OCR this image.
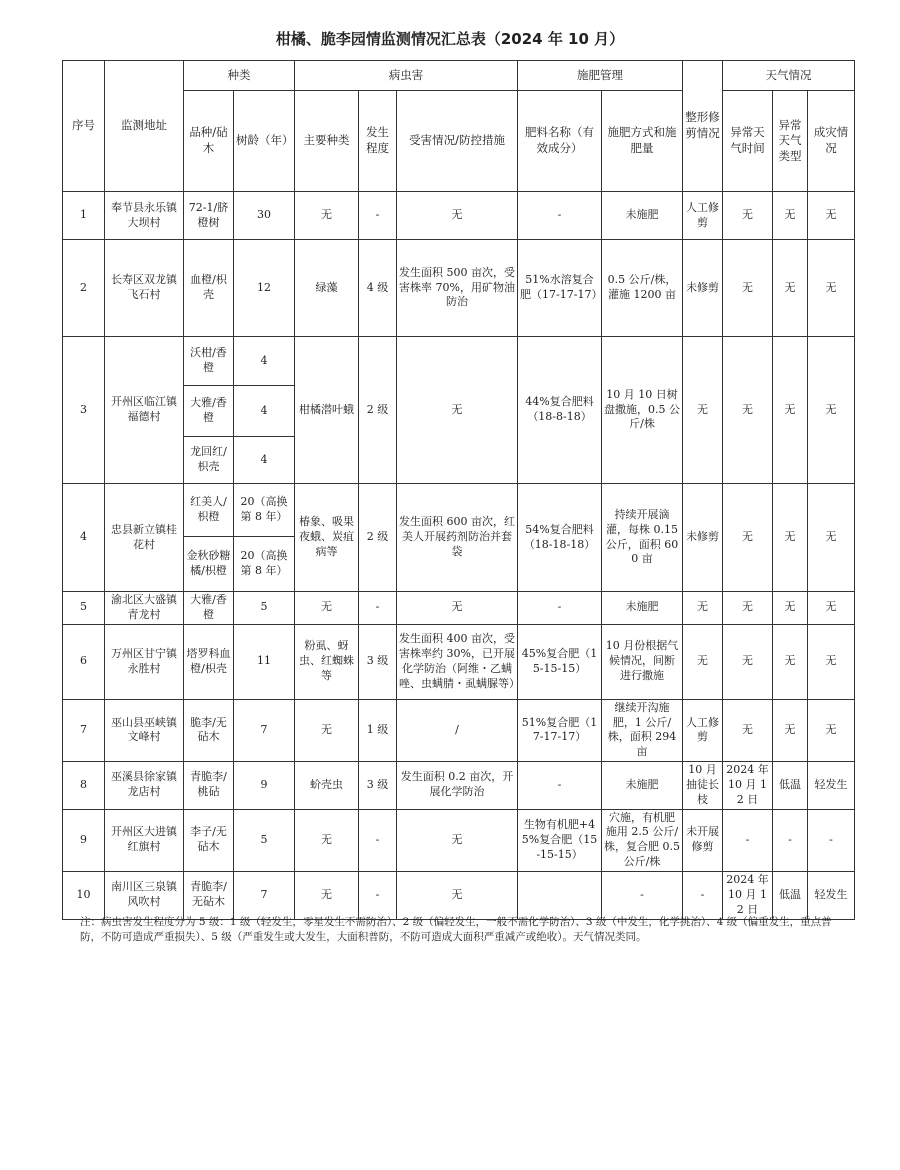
柑橘、脆李园情监测情况汇总表（2024 年 10 月）
序号	监测地址	种类		病虫害			施肥管理		整形修剪情况	天气情况		
		品种/砧木	树龄（年）	主要种类	发生程度	受害情况/防控措施	肥料名称（有效成分）	施肥方式和施肥量		异常天气时间	异常天气类型	成灾情况
1	奉节县永乐镇大坝村	72-1/脐橙树	30	无	-	无	-	未施肥	人工修剪	无	无	无
2	长寿区双龙镇飞石村	血橙/枳壳	12	绿藻	4 级	发生面积 500 亩次，受害株率 70%，用矿物油防治	51%水溶复合肥（17-17-17）	0.5 公斤/株，灌施 1200 亩	未修剪	无	无	无
3	开州区临江镇福德村	沃柑/香橙	4	柑橘潜叶蛾	2 级	无	44%复合肥料（18-8-18）	10 月 10 日树盘撒施，0.5 公斤/株	无	无	无	无
		大雅/香橙	4									
		龙回红/枳壳	4									
4	忠县新立镇桂花村	红美人/枳橙	20（高换第 8 年）	椿象、吸果夜蛾、炭疽病等	2 级	发生面积 600 亩次，红美人开展药剂防治并套袋	54%复合肥料（18-18-18）	持续开展滴灌，每株 0.15 公斤，面积 600 亩	未修剪	无	无	无
		金秋砂糖橘/枳橙	20（高换第 8 年）									
5	渝北区大盛镇青龙村	大雅/香橙	5	无	-	无	-	未施肥	无	无	无	无
6	万州区甘宁镇永胜村	塔罗科血橙/枳壳	11	粉虱、蚜虫、红蜘蛛等	3 级	发生面积 400 亩次，受害株率约 30%，已开展化学防治（阿维・乙螨唑、虫螨腈・虱螨脲等）	45%复合肥（15-15-15）	10 月份根据气候情况，间断进行撒施	无	无	无	无
7	巫山县巫峡镇文峰村	脆李/无砧木	7	无	1 级	/	51%复合肥（17-17-17）	继续开沟施肥，1 公斤/株，面积 294 亩	人工修剪	无	无	无
8	巫溪县徐家镇龙店村	青脆李/桃砧	9	蚧壳虫	3 级	发生面积 0.2 亩次，开展化学防治	-	未施肥	10 月抽徒长枝	2024 年 10 月 12 日	低温	轻发生
9	开州区大进镇红旗村	李子/无砧木	5	无	-	无	生物有机肥+45%复合肥（15-15-15）	穴施，有机肥施用 2.5 公斤/株，复合肥 0.5 公斤/株	未开展修剪	-	-	-
10	南川区三泉镇风吹村	青脆李/无砧木	7	无	-	无		-	-	2024 年 10 月 12 日	低温	轻发生
注：病虫害发生程度分为 5 级：1 级（轻发生，零星发生不需防治）、2 级（偏轻发生，一般不需化学防治）、3 级（中发生，化学挑治）、4 级（偏重发生，重点普防，不防可造成严重损失）、5 级（严重发生或大发生，大面积普防，不防可造成大面积严重减产或绝收）。天气情况类同。
